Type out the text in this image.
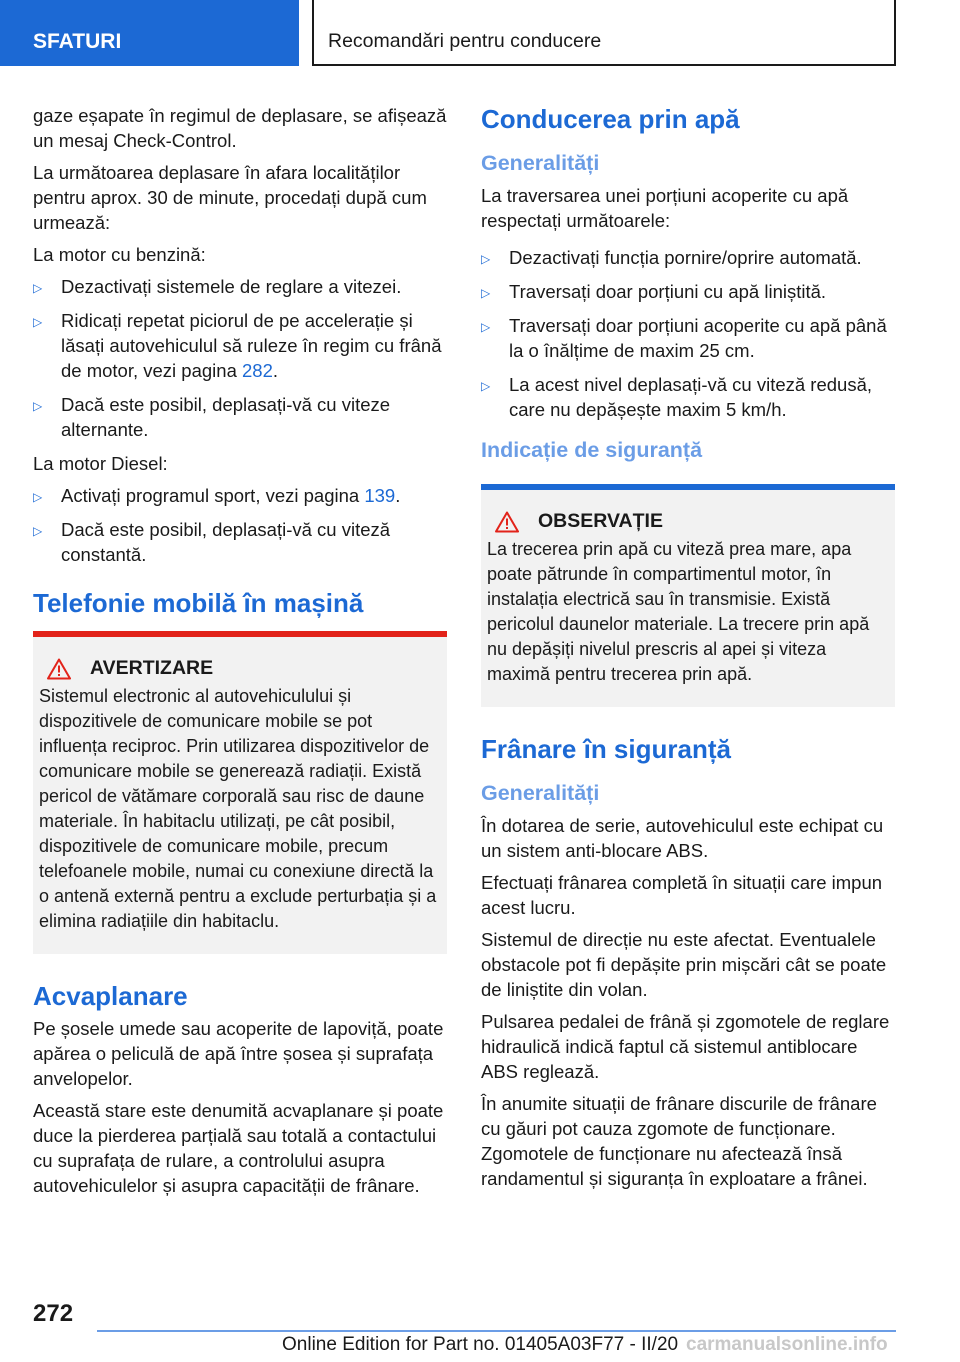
SFATURI	Recomandări pentru conducere

gaze eșapate în regimul de deplasare, se afișează un mesaj Check-Control.

La următoarea deplasare în afara localităților pentru aprox. 30 de minute, procedați după cum urmează:

La motor cu benzină:

▷ Dezactivați sistemele de reglare a vitezei.
▷ Ridicați repetat piciorul de pe accelerație și lăsați autovehiculul să ruleze în regim cu frână de motor, vezi pagina 282.
▷ Dacă este posibil, deplasați-vă cu viteze alternante.

La motor Diesel:

▷ Activați programul sport, vezi pagina 139.
▷ Dacă este posibil, deplasați-vă cu viteză constantă.
Telefonie mobilă în mașină
AVERTIZARE
Sistemul electronic al autovehiculului și dispozitivele de comunicare mobile se pot influența reciproc. Prin utilizarea dispozitivelor de comunicare mobile se generează radiații. Există pericol de vătămare corporală sau risc de daune materiale. În habitaclu utilizați, pe cât posibil, dispozitivele de comunicare mobile, precum telefoanele mobile, numai cu conexiune directă la o antenă externă pentru a exclude perturbația și a elimina radiațiile din habitaclu.
Acvaplanare

Pe șosele umede sau acoperite de lapoviță, poate apărea o peliculă de apă între șosea și suprafața anvelopelor.

Această stare este denumită acvaplanare și poate duce la pierderea parțială sau totală a contactului cu suprafața de rulare, a controlului asupra autovehiculelor și asupra capacității de frânare.

Conducerea prin apă
Generalități

La traversarea unei porțiuni acoperite cu apă respectați următoarele:

▷ Dezactivați funcția pornire/oprire automată.
▷ Traversați doar porțiuni cu apă liniștită.
▷ Traversați doar porțiuni acoperite cu apă până la o înălțime de maxim 25 cm.
▷ La acest nivel deplasați-vă cu viteză redusă, care nu depășește maxim 5 km/h.
Indicație de siguranță
OBSERVAȚIE
La trecerea prin apă cu viteză prea mare, apa poate pătrunde în compartimentul motor, în instalația electrică sau în transmisie. Există pericolul daunelor materiale. La trecere prin apă nu depășiți nivelul prescris al apei și viteza maximă pentru trecerea prin apă.
Frânare în siguranță
Generalități

În dotarea de serie, autovehiculul este echipat cu un sistem anti-blocare ABS.

Efectuați frânarea completă în situații care impun acest lucru.

Sistemul de direcție nu este afectat. Eventualele obstacole pot fi depășite prin mișcări cât se poate de liniștite din volan.

Pulsarea pedalei de frână și zgomotele de reglare hidraulică indică faptul că sistemul antiblocare ABS reglează.

În anumite situații de frânare discurile de frânare cu găuri pot cauza zgomote de funcționare. Zgomotele de funcționare nu afectează însă randamentul și siguranța în exploatare a frânei.

272
Online Edition for Part no. 01405A03F77 - II/20 carmanualsonline.info
